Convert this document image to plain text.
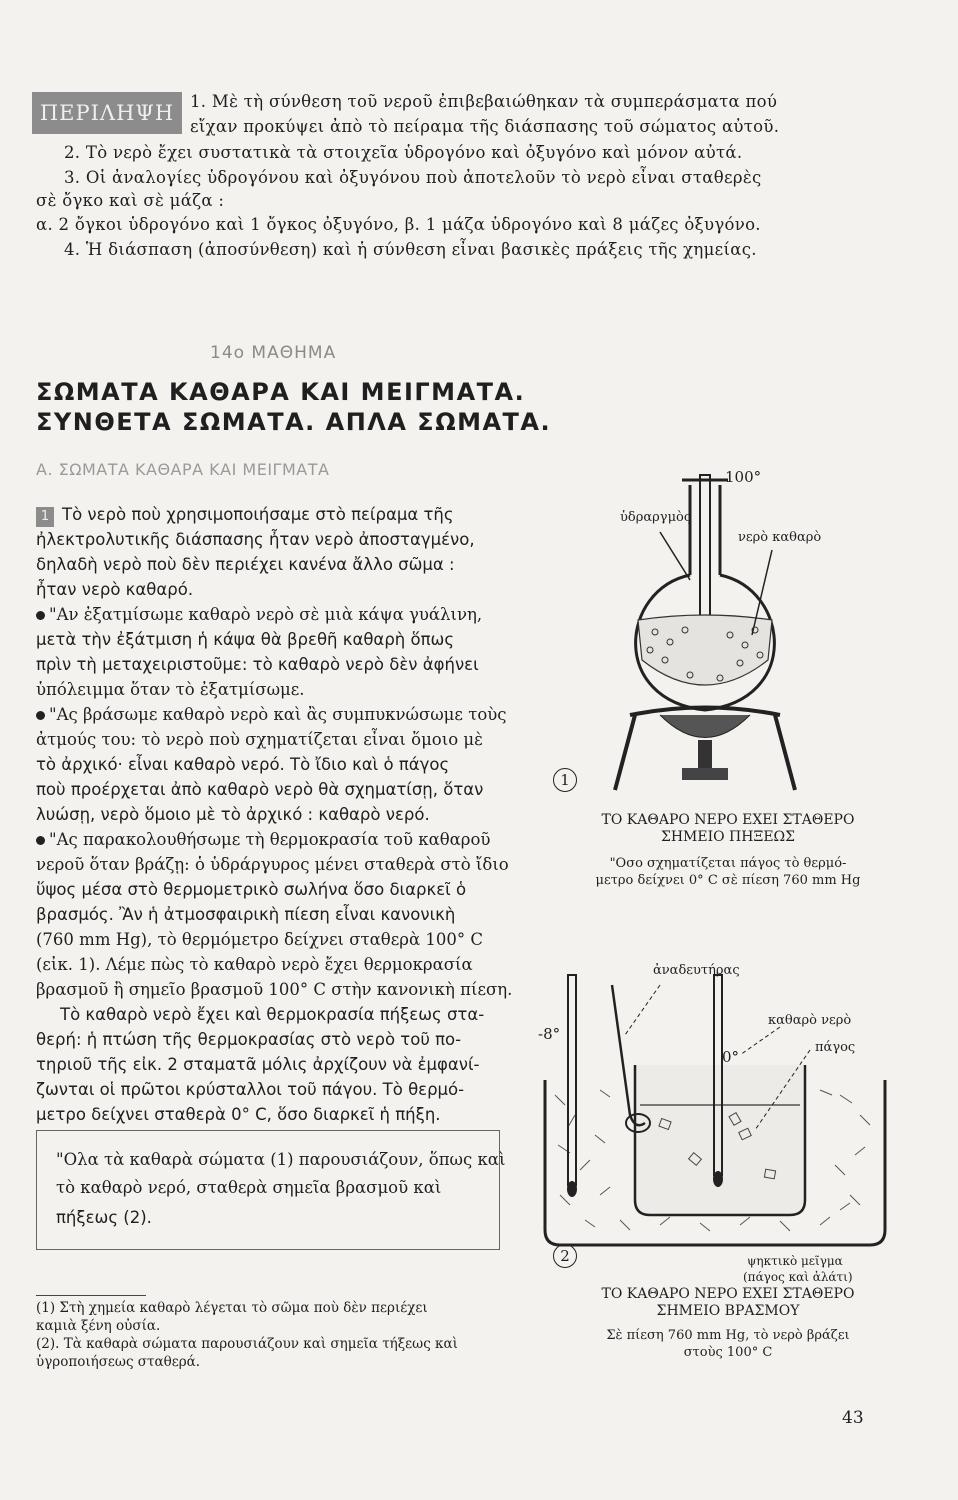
ΠΕΡΙΛΗΨΗ 1. Μὲ τὴ σύνθεση τοῦ νεροῦ ἐπιβεβαιώθηκαν τὰ συμπεράσματα πού
εἴχαν προκύψει ἀπὸ τὸ πείραμα τῆς διάσπασης τοῦ σώματος αὐτοῦ.
2. Τὸ νερὸ ἔχει συστατικὰ τὰ στοιχεῖα ὑδρογόνο καὶ ὀξυγόνο καὶ μόνον αὐτά.
3. Οἱ ἀναλογίες ὑδρογόνου καὶ ὀξυγόνου ποὺ ἀποτελοῦν τὸ νερὸ εἶναι σταθερὲς
σὲ ὄγκο καὶ σὲ μάζα :
α. 2 ὄγκοι ὑδρογόνο καὶ 1 ὄγκος ὀξυγόνο, β. 1 μάζα ὑδρογόνο καὶ 8 μάζες ὀξυγόνο.
4. Ἡ διάσπαση (ἀποσύνθεση) καὶ ἡ σύνθεση εἶναι βασικὲς πράξεις τῆς χημείας.
14ο ΜΑΘΗΜΑ
ΣΩΜΑΤΑ ΚΑΘΑΡΑ ΚΑΙ ΜΕΙΓΜΑΤΑ.
ΣΥΝΘΕΤΑ ΣΩΜΑΤΑ. ΑΠΛΑ ΣΩΜΑΤΑ.
Α. ΣΩΜΑΤΑ ΚΑΘΑΡΑ ΚΑΙ ΜΕΙΓΜΑΤΑ
1 Τὸ νερὸ ποὺ χρησιμοποιήσαμε στὸ πείραμα τῆς
ἠλεκτρολυτικῆς διάσπασης ἦταν νερὸ ἀποσταγμένο,
δηλαδὴ νερὸ ποὺ δὲν περιέχει κανένα ἄλλο σῶμα :
ἦταν νερὸ καθαρό.
"Αν ἐξατμίσωμε καθαρὸ νερὸ σὲ μιὰ κάψα γυάλινη,
μετὰ τὴν ἐξάτμιση ἡ κάψα θὰ βρεθῆ καθαρὴ ὅπως
πρὶν τὴ μεταχειριστοῦμε: τὸ καθαρὸ νερὸ δὲν ἀφήνει
ὑπόλειμμα ὅταν τὸ ἐξατμίσωμε.
"Ας βράσωμε καθαρὸ νερὸ καὶ ἂς συμπυκνώσωμε τοὺς
ἀτμούς του: τὸ νερὸ ποὺ σχηματίζεται εἶναι ὅμοιο μὲ
τὸ ἀρχικό· εἶναι καθαρὸ νερό. Τὸ ἴδιο καὶ ὁ πάγος
ποὺ προέρχεται ἀπὸ καθαρὸ νερὸ θὰ σχηματίσῃ, ὅταν
λυώσῃ, νερὸ ὅμοιο μὲ τὸ ἀρχικό : καθαρὸ νερό.
"Ας παρακολουθήσωμε τὴ θερμοκρασία τοῦ καθαροῦ
νεροῦ ὅταν βράζῃ: ὁ ὑδράργυρος μένει σταθερὰ στὸ ἴδιο
ὕψος μέσα στὸ θερμομετρικὸ σωλήνα ὅσο διαρκεῖ ὁ
βρασμός. Ἂν ἡ ἀτμοσφαιρικὴ πίεση εἶναι κανονικὴ
(760 mm Hg), τὸ θερμόμετρο δείχνει σταθερὰ 100° C
(εἰκ. 1). Λέμε πὼς τὸ καθαρὸ νερὸ ἔχει θερμοκρασία
βρασμοῦ ἢ σημεῖο βρασμοῦ 100° C στὴν κανονικὴ πίεση.
Τὸ καθαρὸ νερὸ ἔχει καὶ θερμοκρασία πήξεως στα-
θερή: ἡ πτώση τῆς θερμοκρασίας στὸ νερὸ τοῦ πο-
τηριοῦ τῆς εἰκ. 2 σταματᾶ μόλις ἀρχίζουν νὰ ἐμφανί-
ζωνται οἱ πρῶτοι κρύσταλλοι τοῦ πάγου. Τὸ θερμό-
μετρο δείχνει σταθερὰ 0° C, ὅσο διαρκεῖ ἡ πήξη.
"Ολα τὰ καθαρὰ σώματα (1) παρουσιάζουν, ὅπως καὶ
τὸ καθαρὸ νερό, σταθερὰ σημεῖα βρασμοῦ καὶ
πήξεως (2).
(1) Στὴ χημεία καθαρὸ λέγεται τὸ σῶμα ποὺ δὲν περιέχει
καμιὰ ξένη οὐσία.
(2). Τὰ καθαρὰ σώματα παρουσιάζουν καὶ σημεῖα τήξεως καὶ
ὑγροποιήσεως σταθερά.
100°
ὑδραργμὸς
νερὸ καθαρὸ
1
ΤΟ ΚΑΘΑΡΟ ΝΕΡΟ ΕΧΕΙ ΣΤΑΘΕΡΟ
ΣΗΜΕΙΟ ΠΗΞΕΩΣ
"Οσο σχηματίζεται πάγος τὸ θερμό-
μετρο δείχνει 0° C σὲ πίεση 760 mm Hg
ἀναδευτήρας
καθαρὸ νερὸ
πάγος
-8°
0°
ψηκτικὸ μεῖγμα
(πάγος καὶ ἀλάτι)
2
ΤΟ ΚΑΘΑΡΟ ΝΕΡΟ ΕΧΕΙ ΣΤΑΘΕΡΟ
ΣΗΜΕΙΟ ΒΡΑΣΜΟΥ
Σὲ πίεση 760 mm Hg, τὸ νερὸ βράζει
στοὺς 100° C
43
